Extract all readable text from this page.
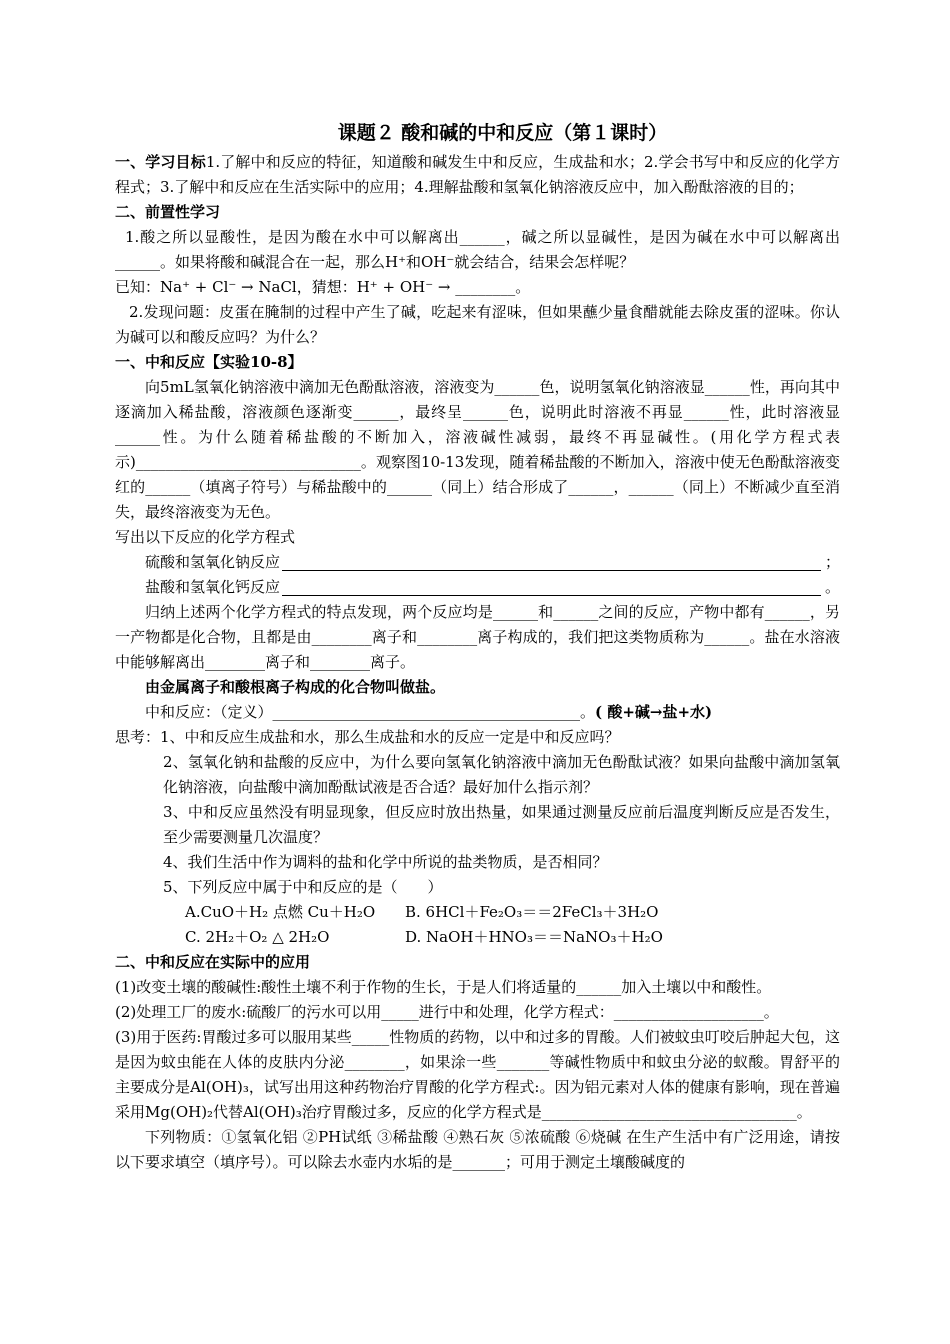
课题２ 酸和碱的中和反应（第１课时）

一、学习目标1.了解中和反应的特征，知道酸和碱发生中和反应，生成盐和水；2.学会书写中和反应的化学方程式；3.了解中和反应在生活实际中的应用；4.理解盐酸和氢氧化钠溶液反应中，加入酚酞溶液的目的；

二、前置性学习

1.酸之所以显酸性，是因为酸在水中可以解离出______，碱之所以显碱性，是因为碱在水中可以解离出______。如果将酸和碱混合在一起，那么H⁺和OH⁻就会结合，结果会怎样呢？

已知：Na⁺ + Cl⁻ → NaCl，猜想：H⁺ + OH⁻ → ________。

2.发现问题：皮蛋在腌制的过程中产生了碱，吃起来有涩味，但如果蘸少量食醋就能去除皮蛋的涩味。你认为碱可以和酸反应吗？为什么？

一、中和反应【实验10-8】

向5mL氢氧化钠溶液中滴加无色酚酞溶液，溶液变为______色，说明氢氧化钠溶液显______性，再向其中逐滴加入稀盐酸，溶液颜色逐渐变______，最终呈______色，说明此时溶液不再显______性，此时溶液显______性。为什么随着稀盐酸的不断加入，溶液碱性减弱，最终不再显碱性。(用化学方程式表示)______________________________。观察图10-13发现，随着稀盐酸的不断加入，溶液中使无色酚酞溶液变红的______（填离子符号）与稀盐酸中的______（同上）结合形成了______，______（同上）不断减少直至消失，最终溶液变为无色。

写出以下反应的化学方程式

硫酸和氢氧化钠反应	；
盐酸和氢氧化钙反应	。

归纳上述两个化学方程式的特点发现，两个反应均是______和______之间的反应，产物中都有______，另一产物都是化合物，且都是由________离子和________离子构成的，我们把这类物质称为______。盐在水溶液中能够解离出________离子和________离子。

由金属离子和酸根离子构成的化合物叫做盐。

中和反应：（定义）_________________________________________。( 酸+碱→盐+水)

思考：1、中和反应生成盐和水，那么生成盐和水的反应一定是中和反应吗？

2、氢氧化钠和盐酸的反应中，为什么要向氢氧化钠溶液中滴加无色酚酞试液？如果向盐酸中滴加氢氧化钠溶液，向盐酸中滴加酚酞试液是否合适？最好加什么指示剂？

3、中和反应虽然没有明显现象，但反应时放出热量，如果通过测量反应前后温度判断反应是否发生，至少需要测量几次温度？

4、我们生活中作为调料的盐和化学中所说的盐类物质，是否相同？

5、下列反应中属于中和反应的是（　　）

A.CuO＋H₂ 点燃 Cu＋H₂O	B. 6HCl＋Fe₂O₃＝＝2FeCl₃＋3H₂O
C. 2H₂＋O₂ △ 2H₂O	D. NaOH＋HNO₃＝＝NaNO₃＋H₂O

二、中和反应在实际中的应用

(1)改变土壤的酸碱性:酸性土壤不利于作物的生长，于是人们将适量的______加入土壤以中和酸性。

(2)处理工厂的废水:硫酸厂的污水可以用_____进行中和处理，化学方程式：____________________。

(3)用于医药:胃酸过多可以服用某些_____性物质的药物，以中和过多的胃酸。人们被蚊虫叮咬后肿起大包，这是因为蚊虫能在人体的皮肤内分泌________，如果涂一些_______等碱性物质中和蚊虫分泌的蚁酸。胃舒平的主要成分是Al(OH)₃，试写出用这种药物治疗胃酸的化学方程式:。因为铝元素对人体的健康有影响，现在普遍采用Mg(OH)₂代替Al(OH)₃治疗胃酸过多，反应的化学方程式是__________________________________。

下列物质：①氢氧化铝 ②PH试纸 ③稀盐酸 ④熟石灰 ⑤浓硫酸 ⑥烧碱 在生产生活中有广泛用途，请按以下要求填空（填序号）。可以除去水壶内水垢的是_______；可用于测定土壤酸碱度的
